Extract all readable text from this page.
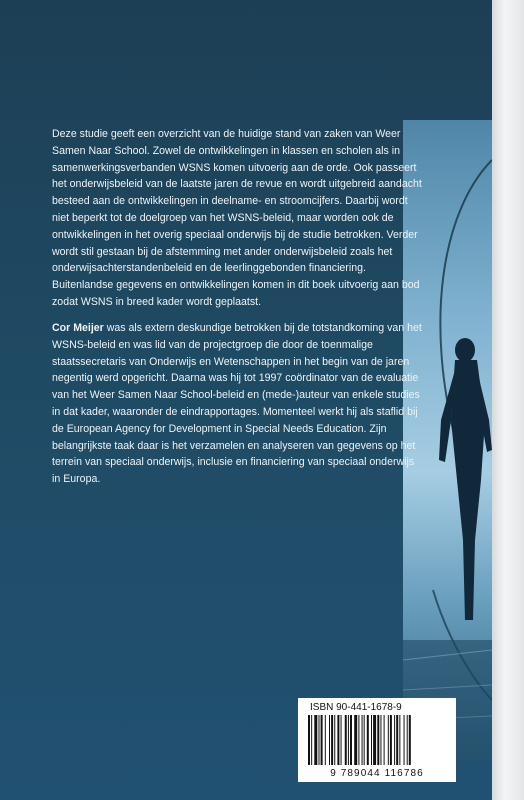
Deze studie geeft een overzicht van de huidige stand van zaken van Weer Samen Naar School. Zowel de ontwikkelingen in klassen en scholen als in samenwerkingsverbanden WSNS komen uitvoerig aan de orde. Ook passeert het onderwijsbeleid van de laatste jaren de revue en wordt uitgebreid aandacht besteed aan de ontwikkelingen in deelname- en stroomcijfers. Daarbij wordt niet beperkt tot de doelgroep van het WSNS-beleid, maar worden ook de ontwikkelingen in het overig speciaal onderwijs bij de studie betrokken. Verder wordt stil gestaan bij de afstemming met ander onderwijsbeleid zoals het onderwijsachterstandenbeleid en de leerlinggebonden financiering. Buitenlandse gegevens en ontwikkelingen komen in dit boek uitvoerig aan bod zodat WSNS in breed kader wordt geplaatst.
Cor Meijer was als extern deskundige betrokken bij de totstandkoming van het WSNS-beleid en was lid van de projectgroep die door de toenmalige staatssecretaris van Onderwijs en Wetenschappen in het begin van de jaren negentig werd opgericht. Daarna was hij tot 1997 coördinator van de evaluatie van het Weer Samen Naar School-beleid en (mede-)auteur van enkele studies in dat kader, waaronder de eindrapportages. Momenteel werkt hij als staflid bij de European Agency for Development in Special Needs Education. Zijn belangrijkste taak daar is het verzamelen en analyseren van gegevens op het terrein van speciaal onderwijs, inclusie en financiering van speciaal onderwijs in Europa.
ISBN 90-441-1678-9
9 789044 116786
